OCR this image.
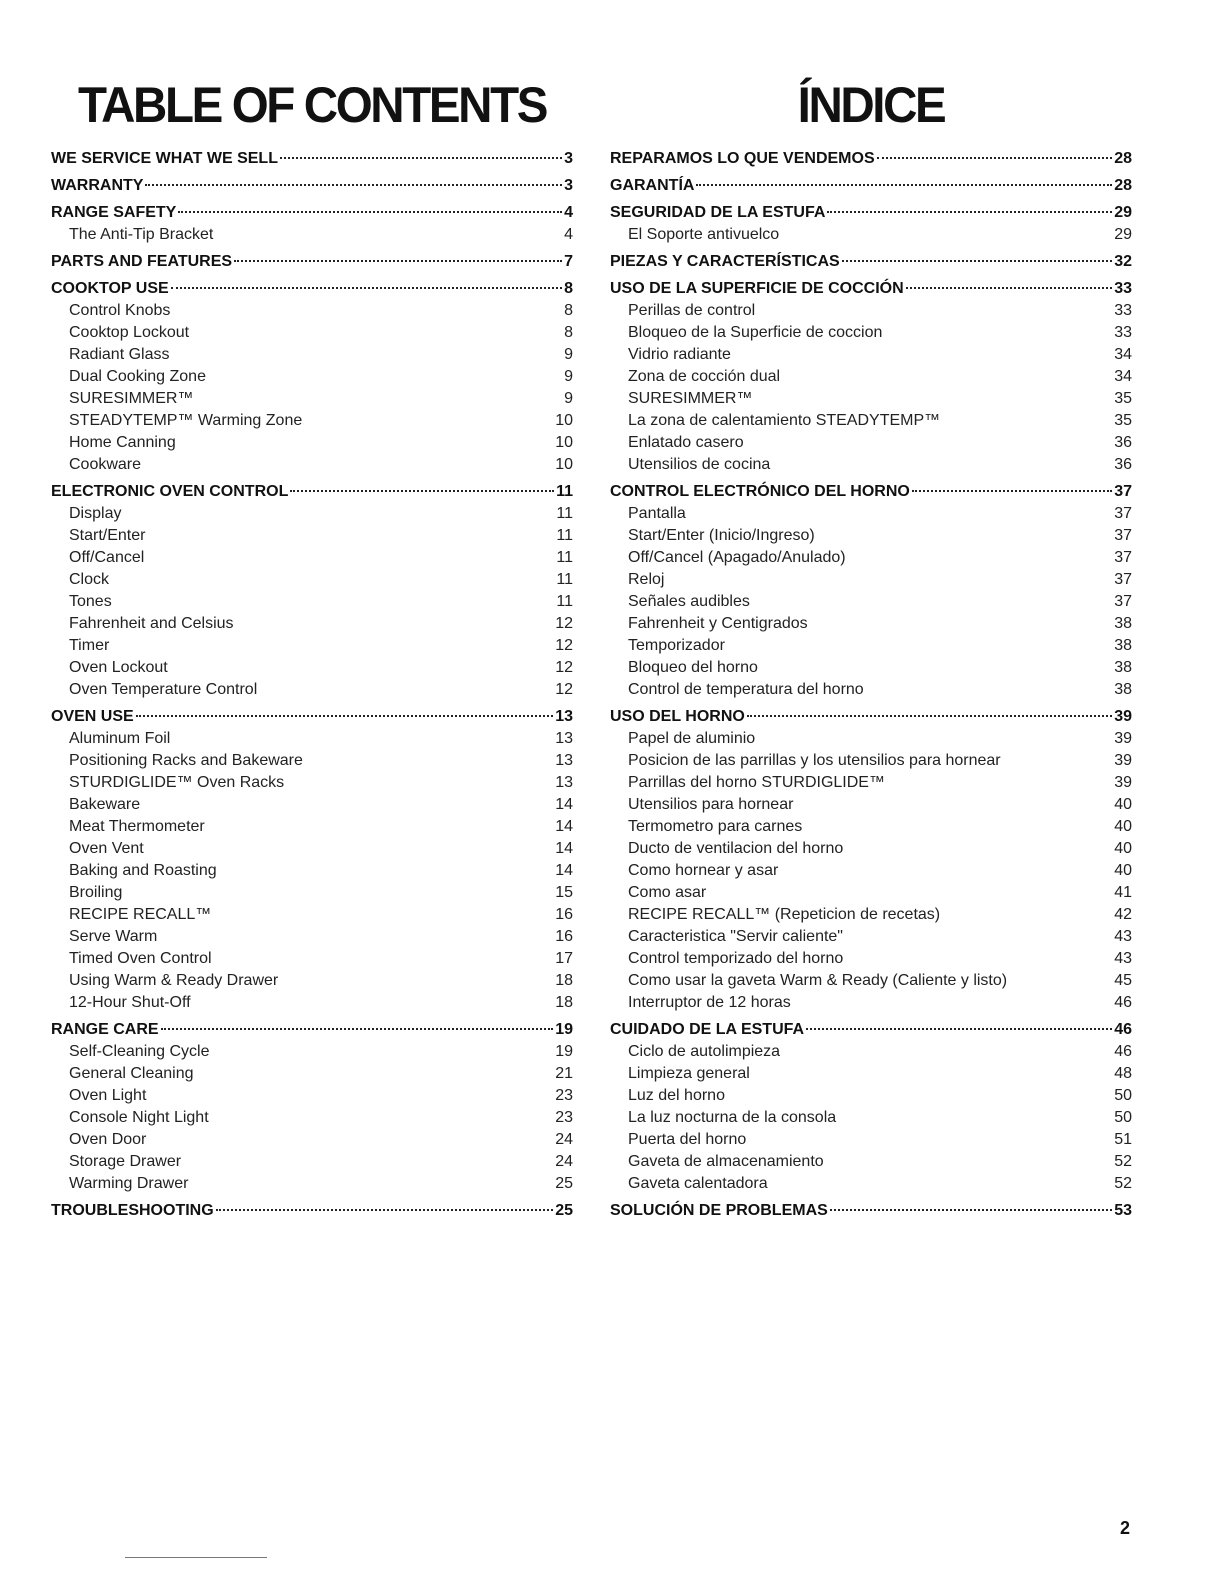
TABLE OF CONTENTS	ÍNDICE
WE SERVICE WHAT WE SELL	3
WARRANTY	3
RANGE SAFETY	4
The Anti-Tip Bracket	4
PARTS AND FEATURES	7
COOKTOP USE	8
Control Knobs	8
Cooktop Lockout	8
Radiant Glass	9
Dual Cooking Zone	9
SURESIMMER™	9
STEADYTEMP™ Warming Zone	10
Home Canning	10
Cookware	10
ELECTRONIC OVEN CONTROL	11
Display	11
Start/Enter	11
Off/Cancel	11
Clock	11
Tones	11
Fahrenheit and Celsius	12
Timer	12
Oven Lockout	12
Oven Temperature Control	12
OVEN USE	13
Aluminum Foil	13
Positioning Racks and Bakeware	13
STURDIGLIDE™ Oven Racks	13
Bakeware	14
Meat Thermometer	14
Oven Vent	14
Baking and Roasting	14
Broiling	15
RECIPE RECALL™	16
Serve Warm	16
Timed Oven Control	17
Using Warm & Ready Drawer	18
12-Hour Shut-Off	18
RANGE CARE	19
Self-Cleaning Cycle	19
General Cleaning	21
Oven Light	23
Console Night Light	23
Oven Door	24
Storage Drawer	24
Warming Drawer	25
TROUBLESHOOTING	25
REPARAMOS LO QUE VENDEMOS	28
GARANTÍA	28
SEGURIDAD DE LA ESTUFA	29
El Soporte antivuelco	29
PIEZAS Y CARACTERÍSTICAS	32
USO DE LA SUPERFICIE DE COCCIÓN	33
Perillas de control	33
Bloqueo de la Superficie de coccion	33
Vidrio radiante	34
Zona de cocción dual	34
SURESIMMER™	35
La zona de calentamiento STEADYTEMP™	35
Enlatado casero	36
Utensilios de cocina	36
CONTROL ELECTRÓNICO DEL HORNO	37
Pantalla	37
Start/Enter (Inicio/Ingreso)	37
Off/Cancel (Apagado/Anulado)	37
Reloj	37
Señales audibles	37
Fahrenheit y Centigrados	38
Temporizador	38
Bloqueo del horno	38
Control de temperatura del horno	38
USO DEL HORNO	39
Papel de aluminio	39
Posicion de las parrillas y los utensilios para hornear	39
Parrillas del horno STURDIGLIDE™	39
Utensilios para hornear	40
Termometro para carnes	40
Ducto de ventilacion del horno	40
Como hornear y asar	40
Como asar	41
RECIPE RECALL™ (Repeticion de recetas)	42
Caracteristica "Servir caliente"	43
Control temporizado del horno	43
Como usar la gaveta Warm & Ready (Caliente y listo)	45
Interruptor de 12 horas	46
CUIDADO DE LA ESTUFA	46
Ciclo de autolimpieza	46
Limpieza general	48
Luz del horno	50
La luz nocturna de la consola	50
Puerta del horno	51
Gaveta de almacenamiento	52
Gaveta calentadora	52
SOLUCIÓN DE PROBLEMAS	53
2
